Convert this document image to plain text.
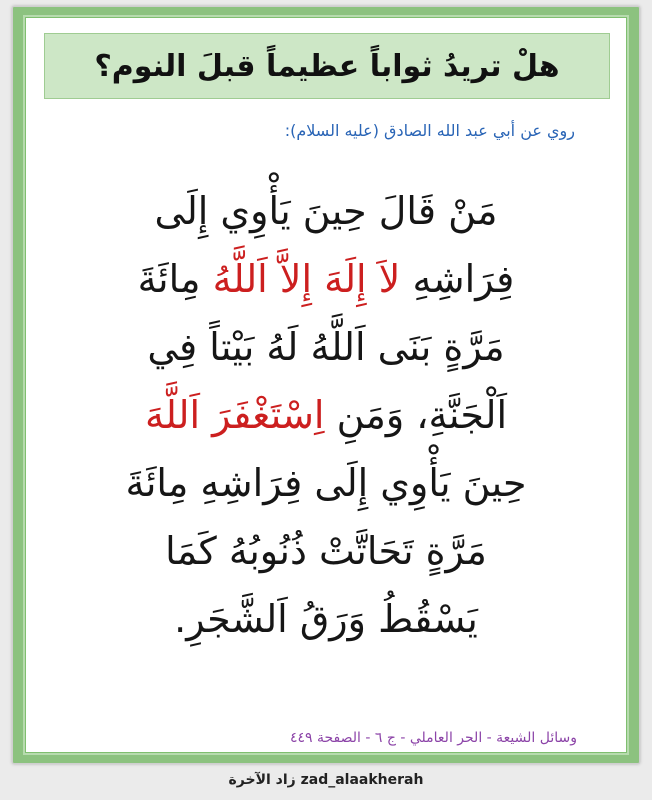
هلْ تريدُ ثواباً عظيماً قبلَ النوم؟
روي عن أبي عبد الله الصادق (عليه السلام):
مَنْ قَالَ حِينَ يَأْوِي إِلَى
فِرَاشِهِ لاَ إِلَهَ إِلاَّ اَللَّهُ مِائَةَ
مَرَّةٍ بَنَى اَللَّهُ لَهُ بَيْتاً فِي
اَلْجَنَّةِ، وَمَنِ اِسْتَغْفَرَ اَللَّهَ
حِينَ يَأْوِي إِلَى فِرَاشِهِ مِائَةَ
مَرَّةٍ تَحَاتَّتْ ذُنُوبُهُ كَمَا
يَسْقُطُ وَرَقُ اَلشَّجَرِ.
وسائل الشيعة - الحر العاملي - ج ٦ - الصفحة ٤٤٩
زاد الآخرة zad_alaakherah
